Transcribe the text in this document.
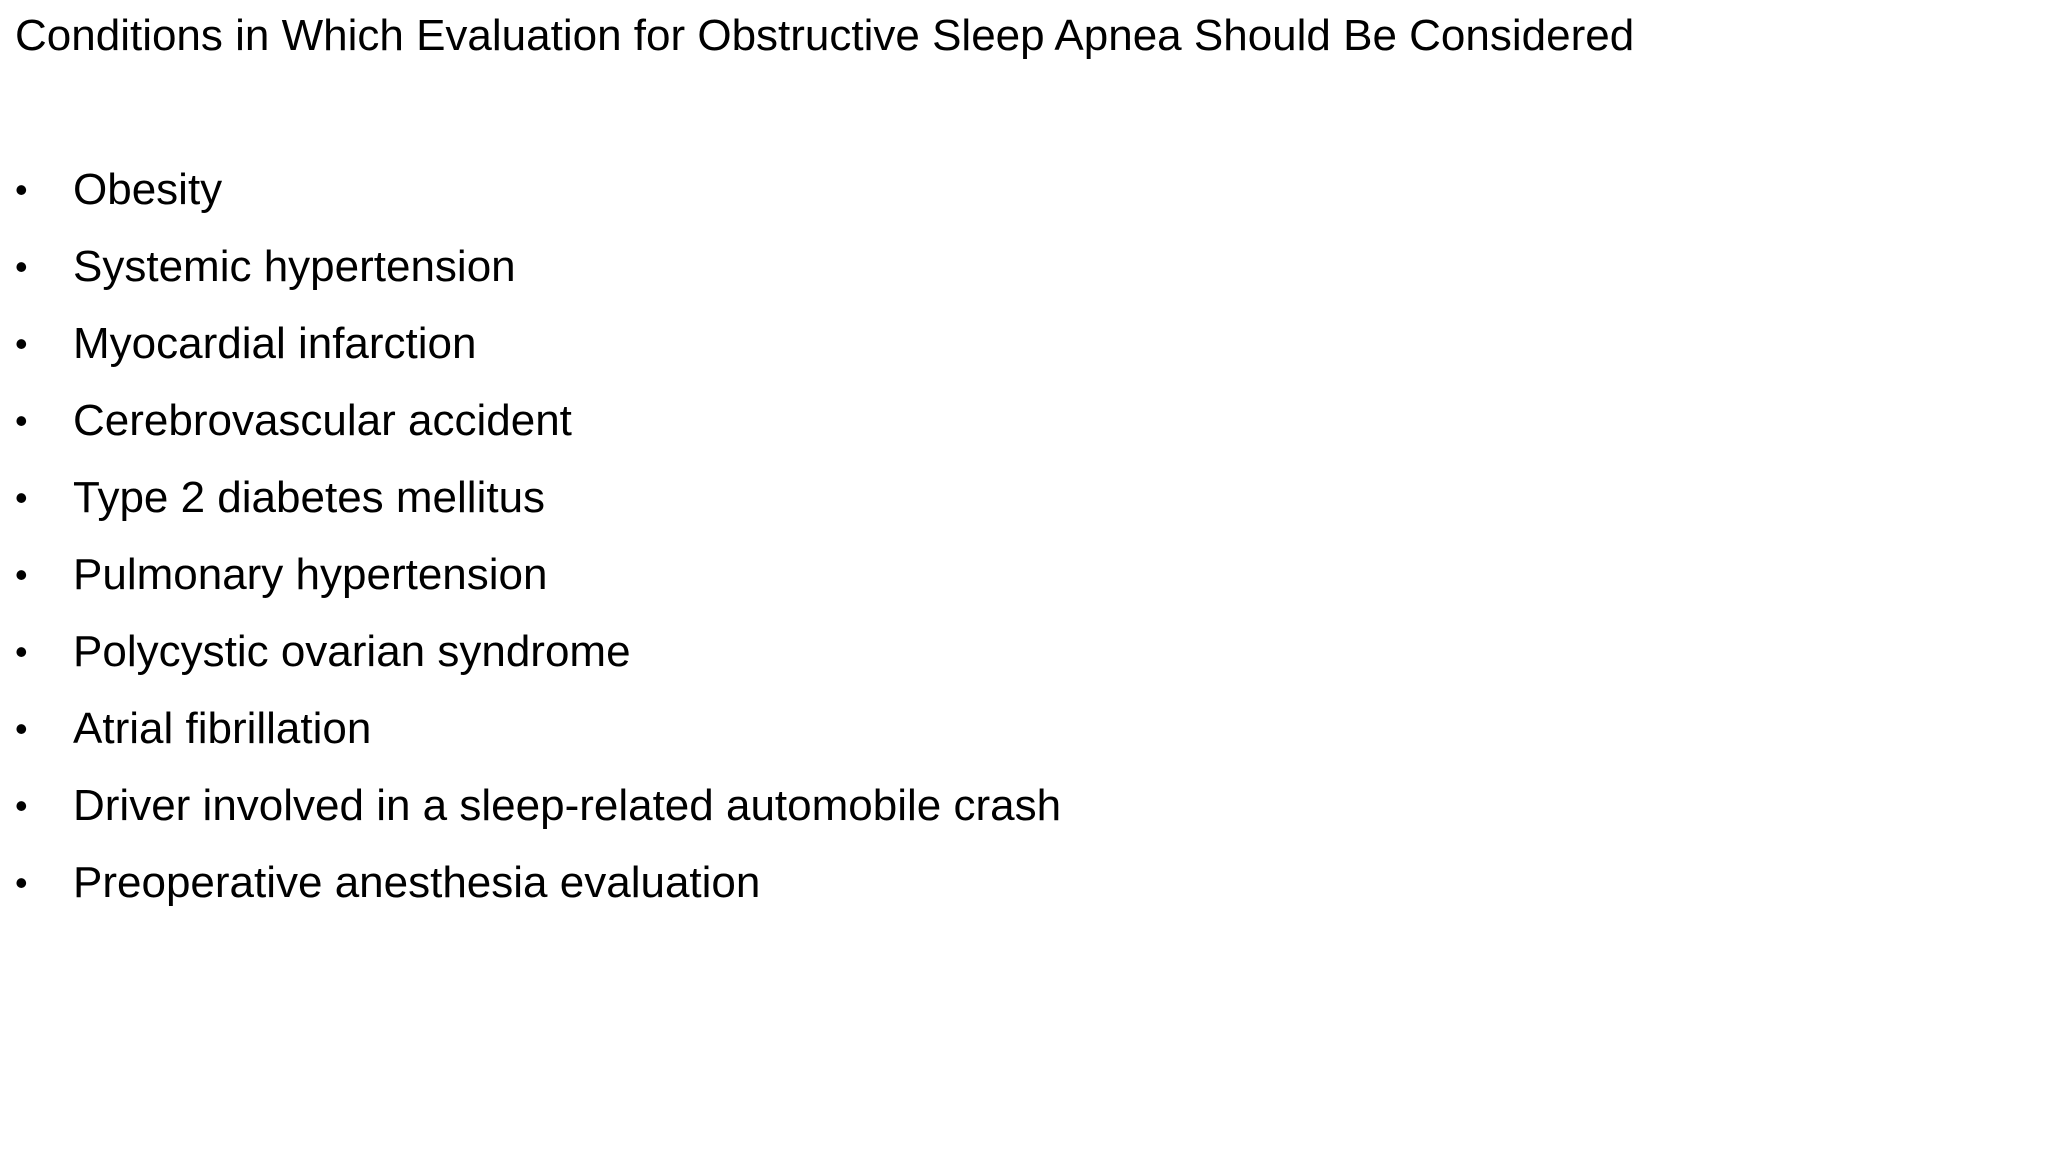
Conditions in Which Evaluation for Obstructive Sleep Apnea Should Be Considered
•	Obesity
•	Systemic hypertension
•	Myocardial infarction
•	Cerebrovascular accident
•	Type 2 diabetes mellitus
•	Pulmonary hypertension
•	Polycystic ovarian syndrome
•	Atrial fibrillation
•	Driver involved in a sleep-related automobile crash
•	Preoperative anesthesia evaluation
